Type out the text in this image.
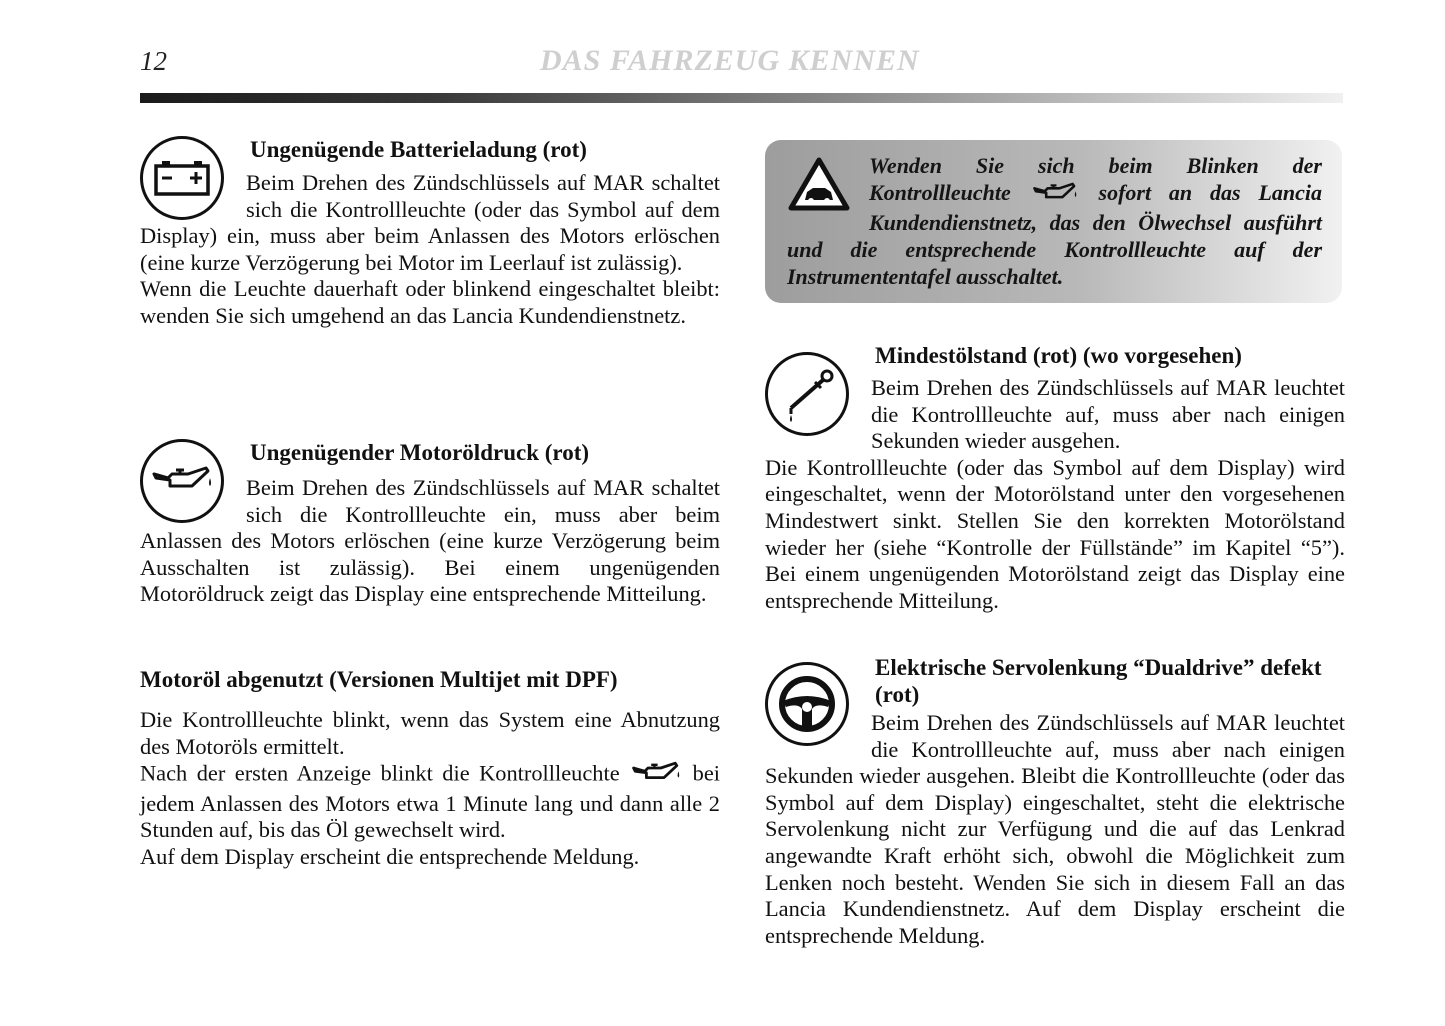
12	DAS FAHRZEUG KENNEN
Ungenügende Batterieladung (rot)

Beim Drehen des Zündschlüssels auf MAR schaltet sich die Kontrollleuchte (oder das Symbol auf dem Display) ein, muss aber beim Anlassen des Motors erlöschen (eine kurze Verzögerung bei Motor im Leerlauf ist zulässig).

Wenn die Leuchte dauerhaft oder blinkend eingeschaltet bleibt: wenden Sie sich umgehend an das Lancia Kundendienstnetz.

Ungenügender Motoröldruck (rot)

Beim Drehen des Zündschlüssels auf MAR schaltet sich die Kontrollleuchte ein, muss aber beim Anlassen des Motors erlöschen (eine kurze Verzögerung beim Ausschalten ist zulässig). Bei einem ungenügenden Motoröldruck zeigt das Display eine entsprechende Mitteilung.

Motoröl abgenutzt (Versionen Multijet mit DPF)

Die Kontrollleuchte blinkt, wenn das System eine Abnutzung des Motoröls ermittelt.

Nach der ersten Anzeige blinkt die Kontrollleuchte	bei jedem Anlassen des Motors etwa 1 Minute lang und dann alle 2 Stunden auf, bis das Öl gewechselt wird.

Auf dem Display erscheint die entsprechende Meldung.

Wenden Sie sich beim Blinken der Kontrollleuchte	sofort an das Lancia Kundendienstnetz, das den Ölwechsel ausführt und die entsprechende Kontrollleuchte auf der Instrumententafel ausschaltet.
Mindestölstand (rot) (wo vorgesehen)

Beim Drehen des Zündschlüssels auf MAR leuchtet die Kontrollleuchte auf, muss aber nach einigen Sekunden wieder ausgehen.

Die Kontrollleuchte (oder das Symbol auf dem Display) wird eingeschaltet, wenn der Motorölstand unter den vorgesehenen Mindestwert sinkt. Stellen Sie den korrekten Motorölstand wieder her (siehe “Kontrolle der Füllstände” im Kapitel “5”). Bei einem ungenügenden Motorölstand zeigt das Display eine entsprechende Mitteilung.

Elektrische Servolenkung “Dualdrive” defekt (rot)

Beim Drehen des Zündschlüssels auf MAR leuchtet die Kontrollleuchte auf, muss aber nach einigen Sekunden wieder ausgehen. Bleibt die Kontrollleuchte (oder das Symbol auf dem Display) eingeschaltet, steht die elektrische Servolenkung nicht zur Verfügung und die auf das Lenkrad angewandte Kraft erhöht sich, obwohl die Möglichkeit zum Lenken noch besteht. Wenden Sie sich in diesem Fall an das Lancia Kundendienstnetz. Auf dem Display erscheint die entsprechende Meldung.
